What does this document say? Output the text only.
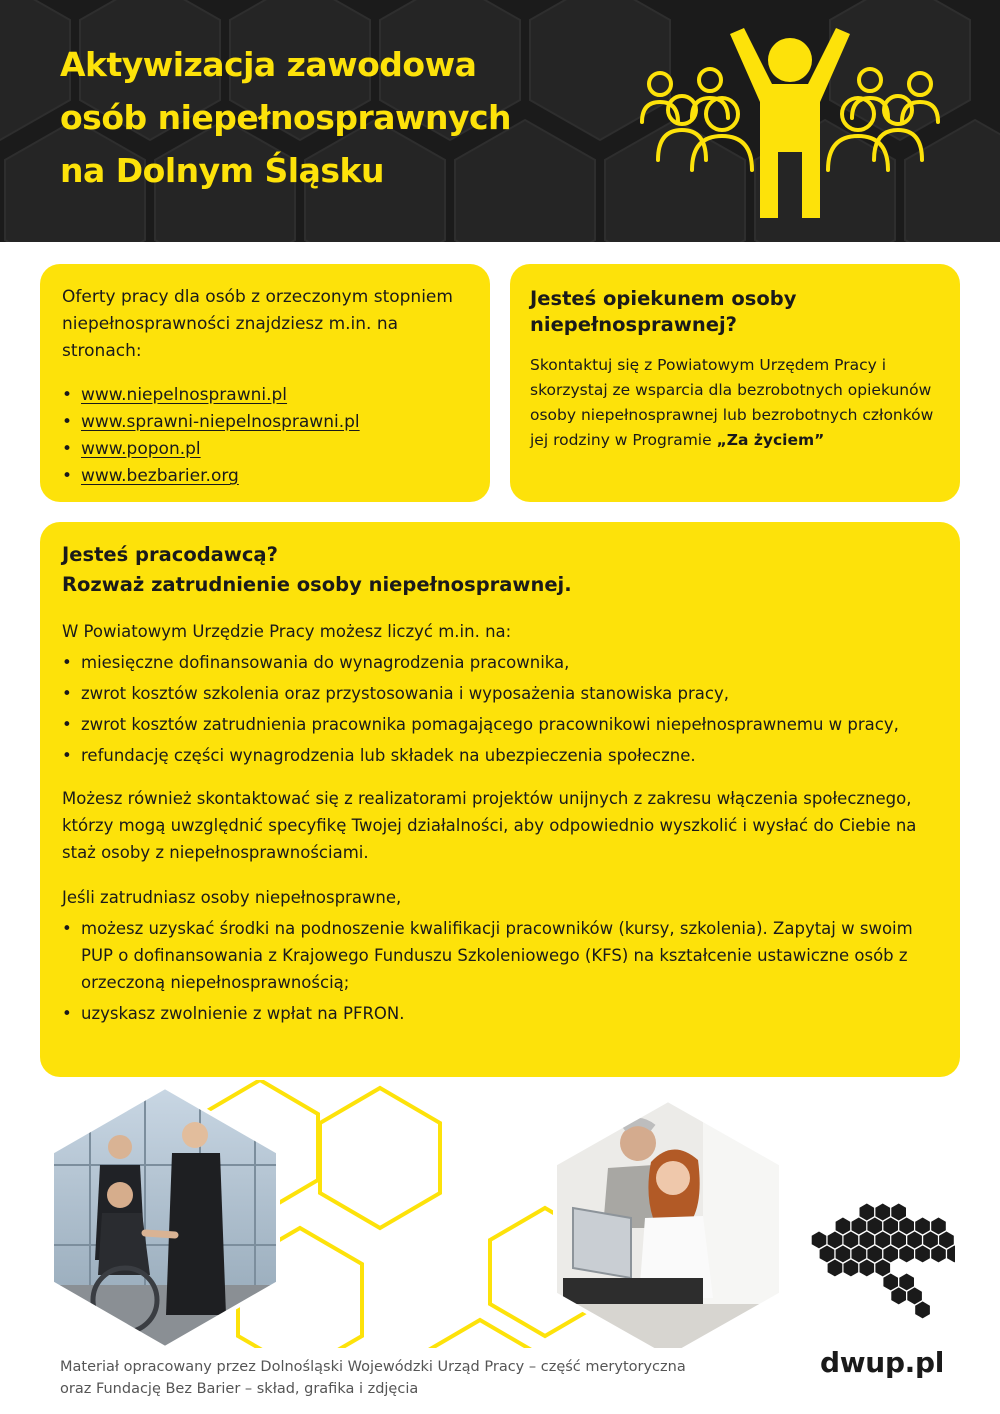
Aktywizacja zawodowa
osób niepełnosprawnych
na Dolnym Śląsku

Oferty pracy dla osób z orzeczonym stopniem niepełnosprawności znajdziesz m.in. na stronach:

• www.niepelnosprawni.pl
• www.sprawni-niepelnosprawni.pl
• www.popon.pl
• www.bezbarier.org
Jesteś opiekunem osoby niepełnosprawnej?

Skontaktuj się z Powiatowym Urzędem Pracy i skorzystaj ze wsparcia dla bezrobotnych opiekunów osoby niepełnosprawnej lub bezrobotnych członków jej rodziny w Programie „Za życiem”

Jesteś pracodawcą?
Rozważ zatrudnienie osoby niepełnosprawnej.

W Powiatowym Urzędzie Pracy możesz liczyć m.in. na:

• miesięczne dofinansowania do wynagrodzenia pracownika,
• zwrot kosztów szkolenia oraz przystosowania i wyposażenia stanowiska pracy,
• zwrot kosztów zatrudnienia pracownika pomagającego pracownikowi niepełnosprawnemu w pracy,
• refundację części wynagrodzenia lub składek na ubezpieczenia społeczne.

Możesz również skontaktować się z realizatorami projektów unijnych z zakresu włączenia społecznego, którzy mogą uwzględnić specyfikę Twojej działalności, aby odpowiednio wyszkolić i wysłać do Ciebie na staż osoby z niepełnosprawnościami.

Jeśli zatrudniasz osoby niepełnosprawne,

• możesz uzyskać środki na podnoszenie kwalifikacji pracowników (kursy, szkolenia). Zapytaj w swoim PUP o dofinansowania z Krajowego Funduszu Szkoleniowego (KFS) na kształcenie ustawiczne osób z orzeczoną niepełnosprawnością;
• uzyskasz zwolnienie z wpłat na PFRON.

Materiał opracowany przez Dolnośląski Wojewódzki Urząd Pracy – część merytoryczna
oraz Fundację Bez Barier – skład, grafika i zdjęcia

dwup.pl
